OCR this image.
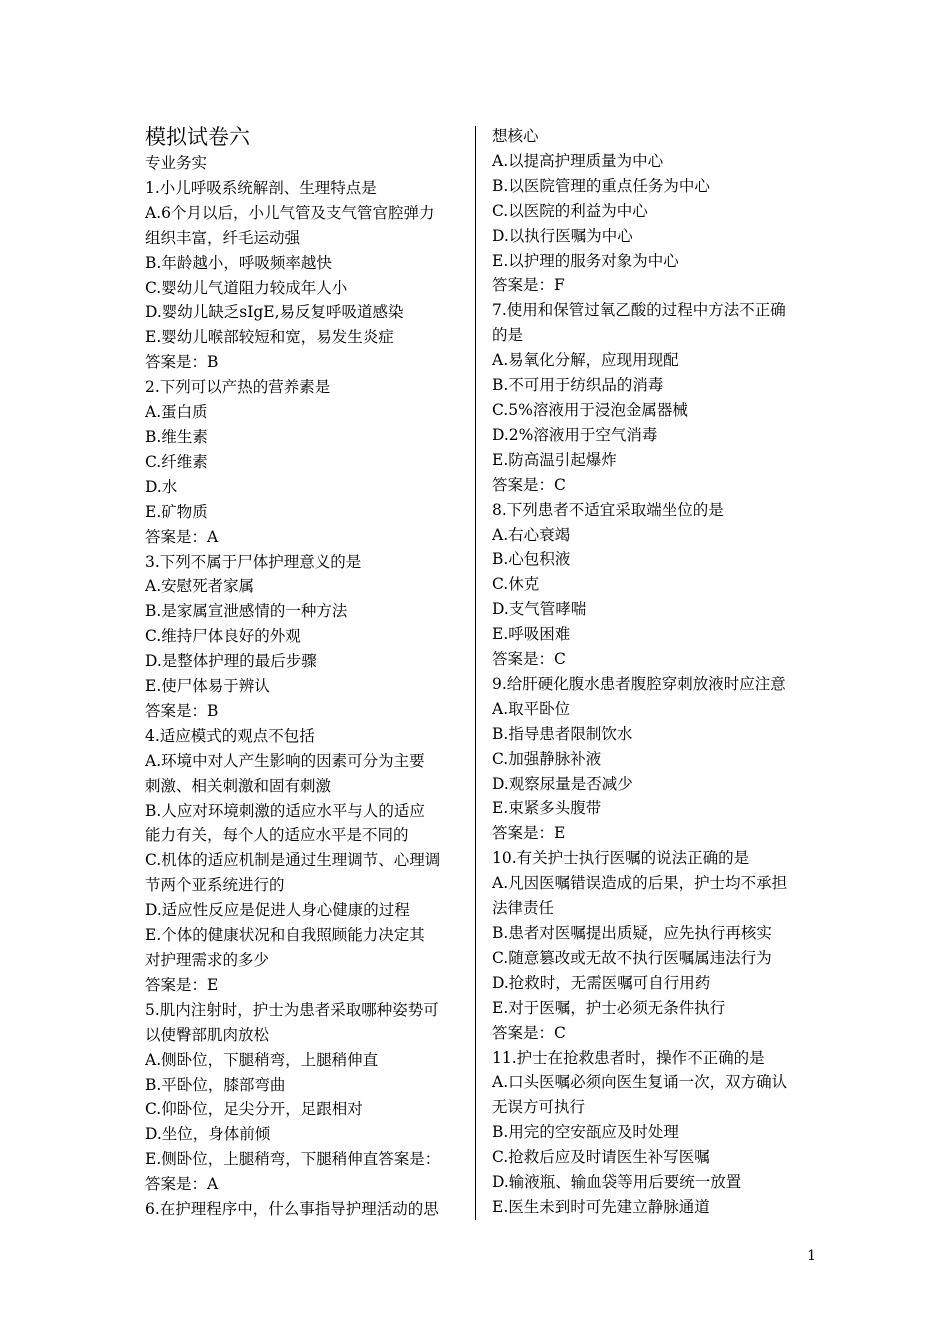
模拟试卷六
专业务实
1.小儿呼吸系统解剖、生理特点是
A.6个月以后，小儿气管及支气管官腔弹力
组织丰富，纤毛运动强
B.年龄越小，呼吸频率越快
C.婴幼儿气道阻力较成年人小
D.婴幼儿缺乏sIgE,易反复呼吸道感染
E.婴幼儿喉部较短和宽，易发生炎症
答案是：B
2.下列可以产热的营养素是
A.蛋白质
B.维生素
C.纤维素
D.水
E.矿物质
答案是：A
3.下列不属于尸体护理意义的是
A.安慰死者家属
B.是家属宣泄感情的一种方法
C.维持尸体良好的外观
D.是整体护理的最后步骤
E.使尸体易于辨认
答案是：B
4.适应模式的观点不包括
A.环境中对人产生影响的因素可分为主要
刺激、相关刺激和固有刺激
B.人应对环境刺激的适应水平与人的适应
能力有关，每个人的适应水平是不同的
C.机体的适应机制是通过生理调节、心理调
节两个亚系统进行的
D.适应性反应是促进人身心健康的过程
E.个体的健康状况和自我照顾能力决定其
对护理需求的多少
答案是：E
5.肌内注射时，护士为患者采取哪种姿势可
以使臀部肌肉放松
A.侧卧位，下腿稍弯，上腿稍伸直
B.平卧位，膝部弯曲
C.仰卧位，足尖分开，足跟相对
D.坐位，身体前倾
E.侧卧位，上腿稍弯，下腿稍伸直答案是：
答案是：A
6.在护理程序中，什么事指导护理活动的思
想核心
A.以提高护理质量为中心
B.以医院管理的重点任务为中心
C.以医院的利益为中心
D.以执行医嘱为中心
E.以护理的服务对象为中心
答案是：F
7.使用和保管过氧乙酸的过程中方法不正确
的是
A.易氧化分解，应现用现配
B.不可用于纺织品的消毒
C.5%溶液用于浸泡金属器械
D.2%溶液用于空气消毒
E.防高温引起爆炸
答案是：C
8.下列患者不适宜采取端坐位的是
A.右心衰竭
B.心包积液
C.休克
D.支气管哮喘
E.呼吸困难
答案是：C
9.给肝硬化腹水患者腹腔穿刺放液时应注意
A.取平卧位
B.指导患者限制饮水
C.加强静脉补液
D.观察尿量是否减少
E.束紧多头腹带
答案是：E
10.有关护士执行医嘱的说法正确的是
A.凡因医嘱错误造成的后果，护士均不承担
法律责任
B.患者对医嘱提出质疑，应先执行再核实
C.随意篡改或无故不执行医嘱属违法行为
D.抢救时，无需医嘱可自行用药
E.对于医嘱，护士必须无条件执行
答案是：C
11.护士在抢救患者时，操作不正确的是
A.口头医嘱必须向医生复诵一次，双方确认
无误方可执行
B.用完的空安瓿应及时处理
C.抢救后应及时请医生补写医嘱
D.输液瓶、输血袋等用后要统一放置
E.医生未到时可先建立静脉通道
1
